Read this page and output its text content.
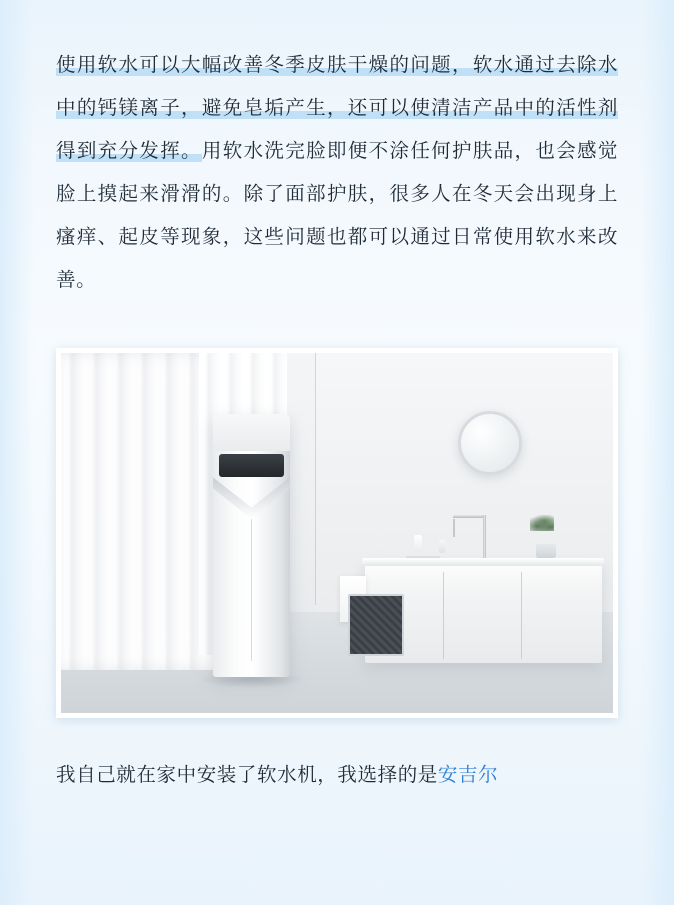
使用软水可以大幅改善冬季皮肤干燥的问题，软水通过去除水中的钙镁离子，避免皂垢产生，还可以使清洁产品中的活性剂得到充分发挥。用软水洗完脸即便不涂任何护肤品，也会感觉脸上摸起来滑滑的。除了面部护肤，很多人在冬天会出现身上瘙痒、起皮等现象，这些问题也都可以通过日常使用软水来改善。

我自己就在家中安装了软水机，我选择的是安吉尔
